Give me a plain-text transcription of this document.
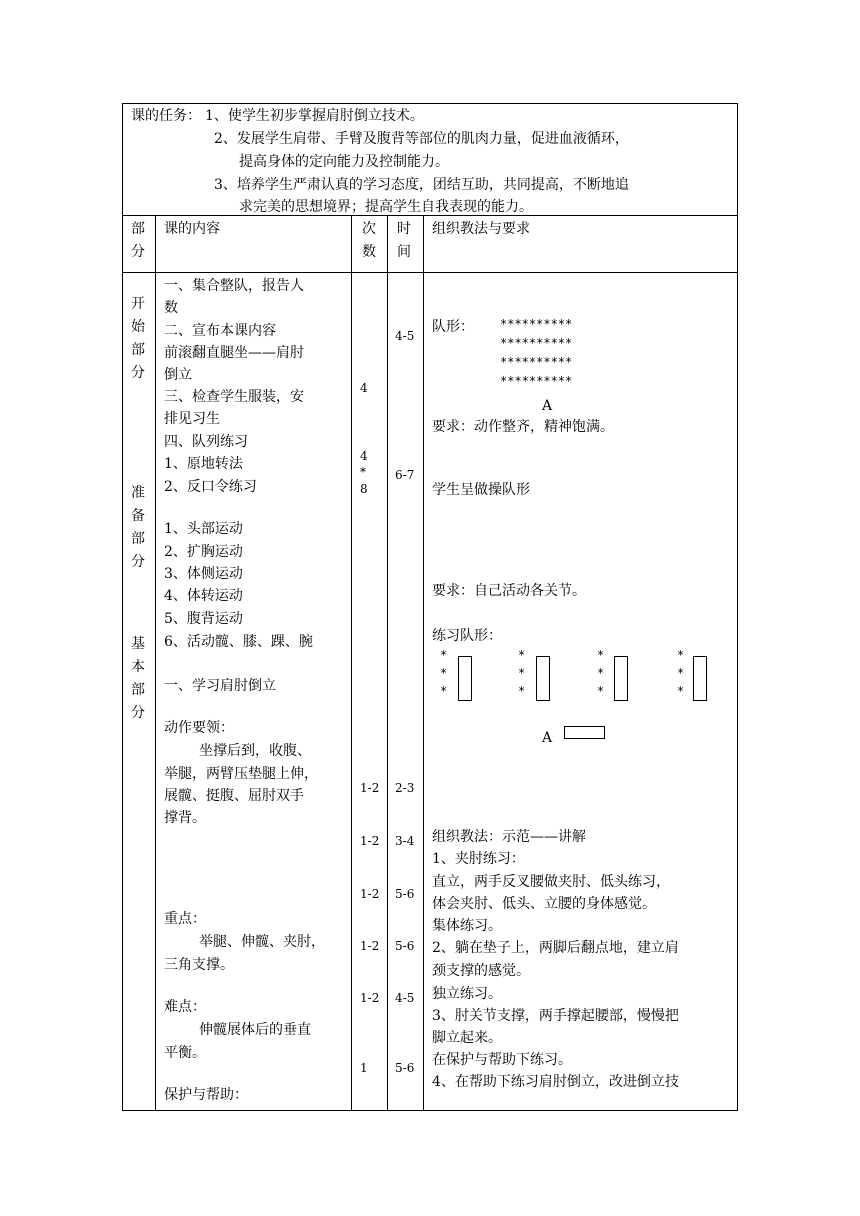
课的任务： 1、使学生初步掌握肩肘倒立技术。
2、发展学生肩带、手臂及腹背等部位的肌肉力量，促进血液循环，
提高身体的定向能力及控制能力。
3、培养学生严肃认真的学习态度，团结互助，共同提高，不断地追
求完美的思想境界；提高学生自我表现的能力。
部
分
课的内容	次
数
时
间
组织教法与要求
开
始
部
分
准
备
部
分
基
本
部
分
一、集合整队，报告人
数
二、宣布本课内容
前滚翻直腿坐——肩肘
倒立
三、检查学生服装，安
排见习生
四、队列练习
1、原地转法
2、反口令练习
1、头部运动
2、扩胸运动
3、体侧运动
4、体转运动
5、腹背运动
6、活动髋、膝、踝、腕
一、学习肩肘倒立
动作要领：
坐撑后到，收腹、
举腿，两臂压垫腿上伸，
展髋、挺腹、屈肘双手
撑背。
重点：
举腿、伸髋、夹肘，
三角支撑。
难点：
伸髋展体后的垂直
平衡。
保护与帮助：
4
4
*
8
1-2
1-2
1-2
1-2
1-2
1
4-5
6-7
2-3
3-4
5-6
5-6
4-5
5-6
队形： **********
**********
**********
**********
A
要求：动作整齐，精神饱满。
学生呈做操队形
要求：自己活动各关节。
练习队形：
*
*
*
*
*
*
*
*
*
*
*
*
A
组织教法：示范——讲解
1、夹肘练习：
直立，两手反叉腰做夹肘、低头练习，
体会夹肘、低头、立腰的身体感觉。
集体练习。
2、躺在垫子上，两脚后翻点地，建立肩
颈支撑的感觉。
独立练习。
3、肘关节支撑，两手撑起腰部，慢慢把
脚立起来。
在保护与帮助下练习。
4、在帮助下练习肩肘倒立，改进倒立技
